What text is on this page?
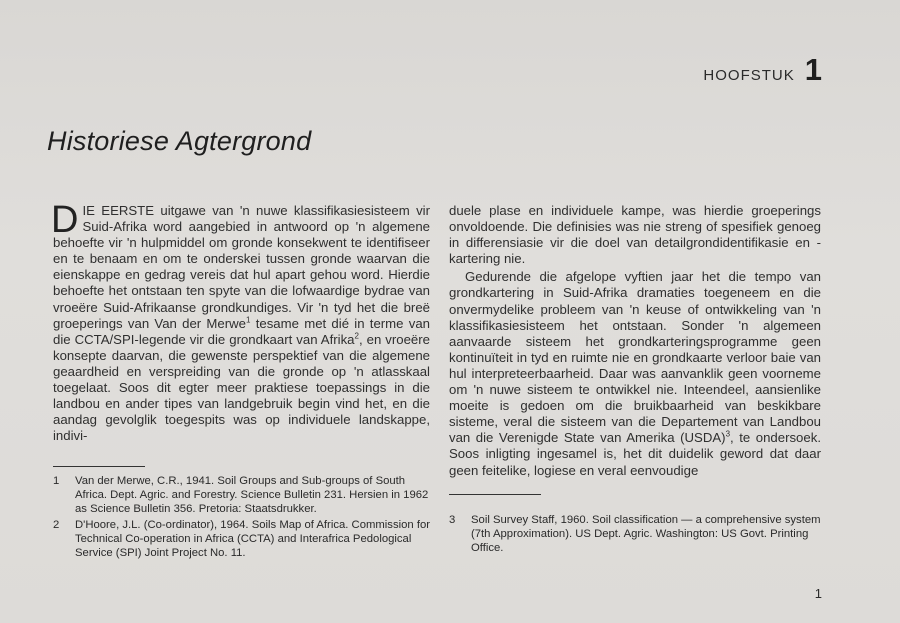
HOOFSTUK 1
Historiese Agtergrond

DIE EERSTE uitgawe van 'n nuwe klassifikasiesisteem vir Suid-Afrika word aangebied in antwoord op 'n algemene behoefte vir 'n hulpmiddel om gronde konsekwent te identifiseer en te benaam en om te onderskei tussen gronde waarvan die eienskappe en gedrag vereis dat hul apart gehou word. Hierdie behoefte het ontstaan ten spyte van die lofwaardige bydrae van vroeëre Suid-Afrikaanse grondkundiges. Vir 'n tyd het die breë groeperings van Van der Merwe$^1$ tesame met dié in terme van die CCTA/SPI-legende vir die grondkaart van Afrika$^2$, en vroeëre konsepte daarvan, die gewenste perspektief van die algemene geaardheid en verspreiding van die gronde op 'n atlasskaal toegelaat. Soos dit egter meer praktiese toepassings in die landbou en ander tipes van landgebruik begin vind het, en die aandag gevolglik toegespits was op individuele landskappe, indivi-

duele plase en individuele kampe, was hierdie groeperings onvoldoende. Die definisies was nie streng of spesifiek genoeg in differensiasie vir die doel van detailgrondidentifikasie en -kartering nie.

Gedurende die afgelope vyftien jaar het die tempo van grondkartering in Suid-Afrika dramaties toegeneem en die onvermydelike probleem van 'n keuse of ontwikkeling van 'n klassifikasiesisteem het ontstaan. Sonder 'n algemeen aanvaarde sisteem het grondkarteringsprogramme geen kontinuïteit in tyd en ruimte nie en grondkaarte verloor baie van hul interpreteerbaarheid. Daar was aanvanklik geen voorneme om 'n nuwe sisteem te ontwikkel nie. Inteendeel, aansienlike moeite is gedoen om die bruikbaarheid van beskikbare sisteme, veral die sisteem van die Departement van Landbou van die Verenigde State van Amerika (USDA)$^3$, te ondersoek. Soos inligting ingesamel is, het dit duidelik geword dat daar geen feitelike, logiese en veral eenvoudige

1	Van der Merwe, C.R., 1941. Soil Groups and Sub-groups of South Africa. Dept. Agric. and Forestry. Science Bulletin 231. Hersien in 1962 as Science Bulletin 356. Pretoria: Staatsdrukker.
2	D'Hoore, J.L. (Co-ordinator), 1964. Soils Map of Africa. Commission for Technical Co-operation in Africa (CCTA) and Interafrica Pedological Service (SPI) Joint Project No. 11.
3	Soil Survey Staff, 1960. Soil classification — a comprehensive system (7th Approximation). US Dept. Agric. Washington: US Govt. Printing Office.
1
